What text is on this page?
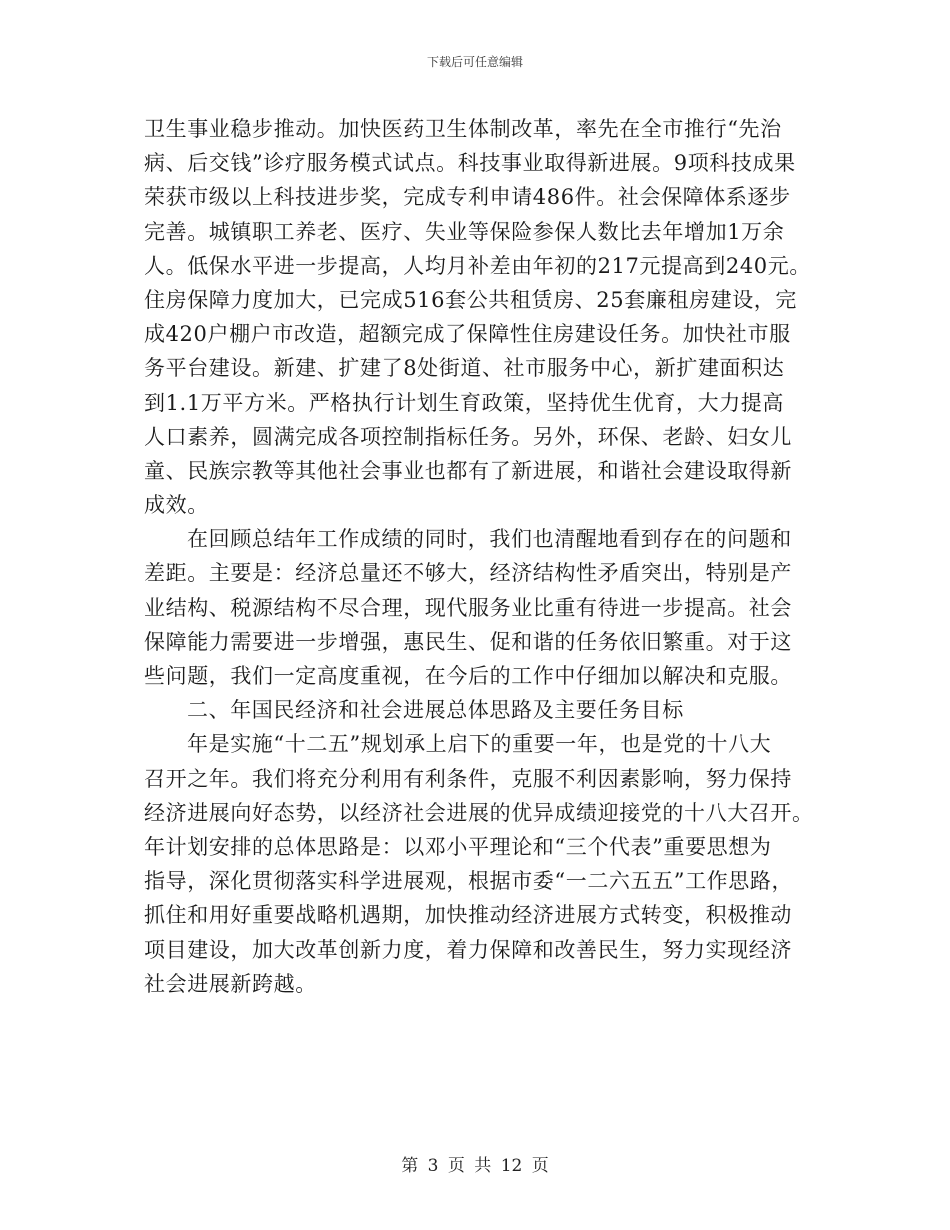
下载后可任意编辑
卫生事业稳步推动。加快医药卫生体制改革，率先在全市推行“先治
病、后交钱”诊疗服务模式试点。科技事业取得新进展。9项科技成果
荣获市级以上科技进步奖，完成专利申请486件。社会保障体系逐步
完善。城镇职工养老、医疗、失业等保险参保人数比去年增加1万余
人。低保水平进一步提高，人均月补差由年初的217元提高到240元。
住房保障力度加大，已完成516套公共租赁房、25套廉租房建设，完
成420户棚户市改造，超额完成了保障性住房建设任务。加快社市服
务平台建设。新建、扩建了8处街道、社市服务中心，新扩建面积达
到1.1万平方米。严格执行计划生育政策，坚持优生优育，大力提高
人口素养，圆满完成各项控制指标任务。另外，环保、老龄、妇女儿
童、民族宗教等其他社会事业也都有了新进展，和谐社会建设取得新
成效。
在回顾总结年工作成绩的同时，我们也清醒地看到存在的问题和
差距。主要是：经济总量还不够大，经济结构性矛盾突出，特别是产
业结构、税源结构不尽合理，现代服务业比重有待进一步提高。社会
保障能力需要进一步增强，惠民生、促和谐的任务依旧繁重。对于这
些问题，我们一定高度重视，在今后的工作中仔细加以解决和克服。
二、年国民经济和社会进展总体思路及主要任务目标
年是实施“十二五”规划承上启下的重要一年，也是党的十八大
召开之年。我们将充分利用有利条件，克服不利因素影响，努力保持
经济进展向好态势，以经济社会进展的优异成绩迎接党的十八大召开。
年计划安排的总体思路是：以邓小平理论和“三个代表”重要思想为
指导，深化贯彻落实科学进展观，根据市委“一二六五五”工作思路，
抓住和用好重要战略机遇期，加快推动经济进展方式转变，积极推动
项目建设，加大改革创新力度，着力保障和改善民生，努力实现经济
社会进展新跨越。
第 3 页 共 12 页
